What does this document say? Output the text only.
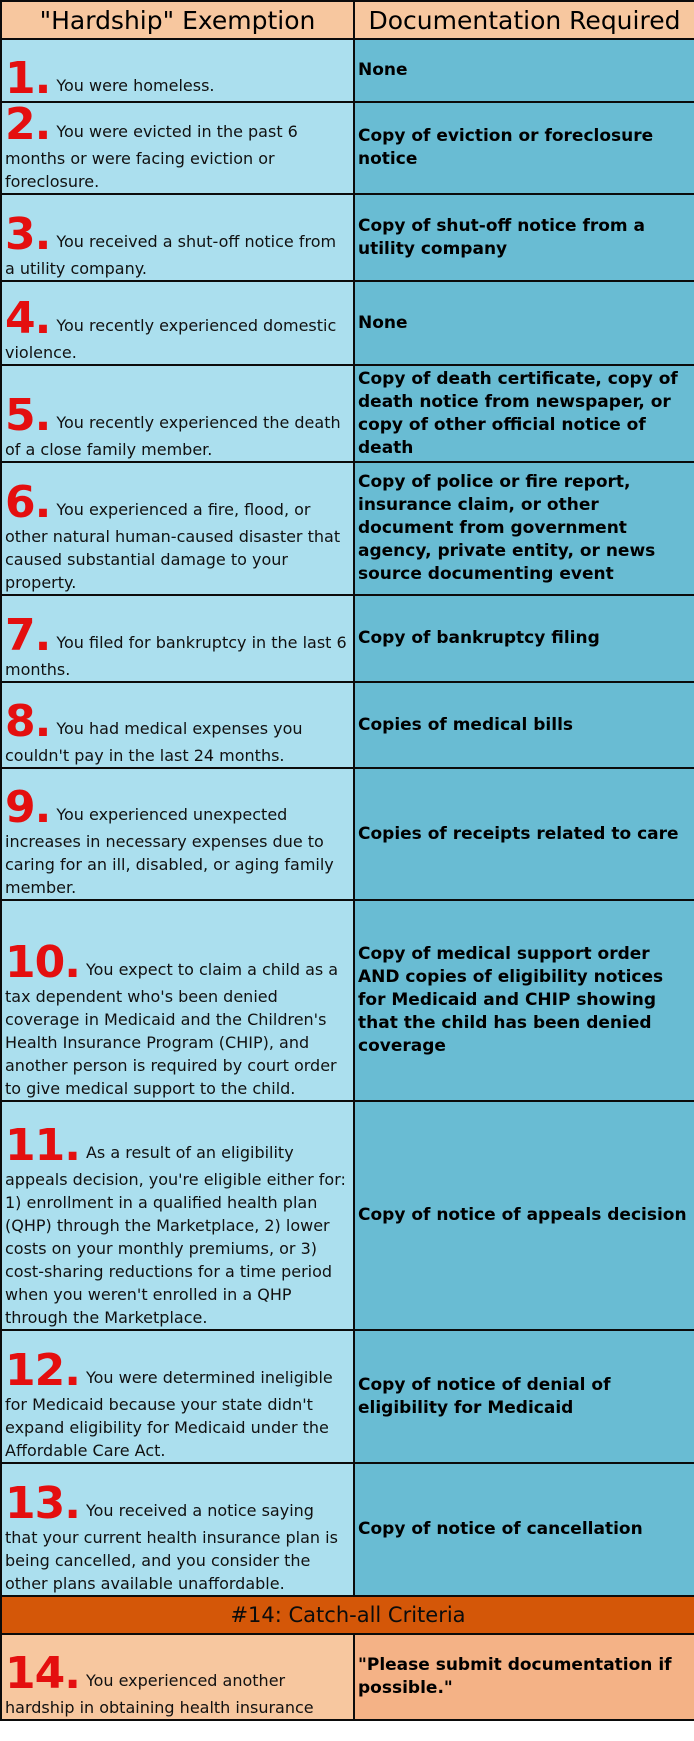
"Hardship" Exemption	Documentation Required
1. You were homeless.	None
2. You were evicted in the past 6 months or were facing eviction or foreclosure.	Copy of eviction or foreclosure notice
3. You received a shut-off notice from a utility company.	Copy of shut-off notice from a utility company
4. You recently experienced domestic violence.	None
5. You recently experienced the death of a close family member.	Copy of death certificate, copy of death notice from newspaper, or copy of other official notice of death
6. You experienced a fire, flood, or other natural human-caused disaster that caused substantial damage to your property.	Copy of police or fire report, insurance claim, or other document from government agency, private entity, or news source documenting event
7. You filed for bankruptcy in the last 6 months.	Copy of bankruptcy filing
8. You had medical expenses you couldn't pay in the last 24 months.	Copies of medical bills
9. You experienced unexpected increases in necessary expenses due to caring for an ill, disabled, or aging family member.	Copies of receipts related to care
10. You expect to claim a child as a tax dependent who's been denied coverage in Medicaid and the Children's Health Insurance Program (CHIP), and another person is required by court order to give medical support to the child.	Copy of medical support order AND copies of eligibility notices for Medicaid and CHIP showing that the child has been denied coverage
11. As a result of an eligibility appeals decision, you're eligible either for: 1) enrollment in a qualified health plan (QHP) through the Marketplace, 2) lower costs on your monthly premiums, or 3) cost-sharing reductions for a time period when you weren't enrolled in a QHP through the Marketplace.	Copy of notice of appeals decision
12. You were determined ineligible for Medicaid because your state didn't expand eligibility for Medicaid under the Affordable Care Act.	Copy of notice of denial of eligibility for Medicaid
13. You received a notice saying that your current health insurance plan is being cancelled, and you consider the other plans available unaffordable.	Copy of notice of cancellation
#14: Catch-all Criteria	
14. You experienced another hardship in obtaining health insurance	"Please submit documentation if possible."
